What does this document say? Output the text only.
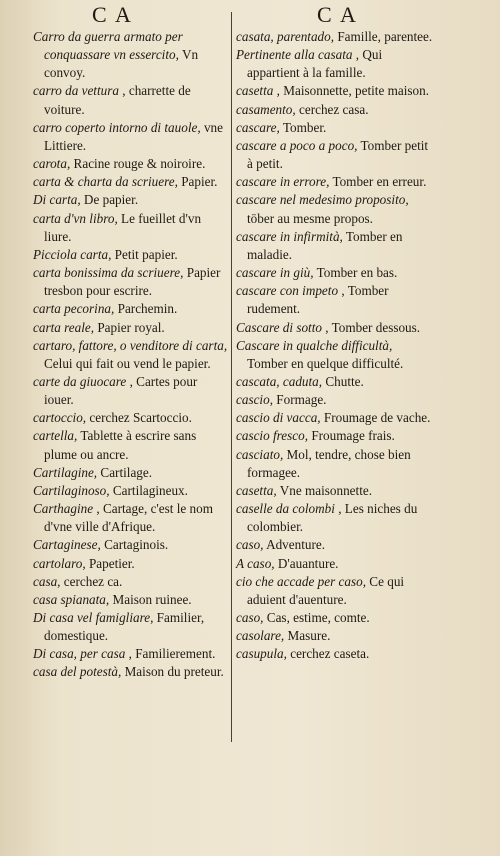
C A	C A

Carro da guerra armato per conquassare vn essercito, Vn convoy.

carro da vettura , charrette de voiture.

carro coperto intorno di tauole, vne Littiere.

carota, Racine rouge & noiroire.

carta & charta da scriuere, Papier.

Di carta, De papier.

carta d'vn libro, Le fueillet d'vn liure.

Picciola carta, Petit papier.

carta bonissima da scriuere, Papier tresbon pour escrire.

carta pecorina, Parchemin.

carta reale, Papier royal.

cartaro, fattore, o venditore di carta, Celui qui fait ou vend le papier.

carte da giuocare , Cartes pour iouer.

cartoccio, cerchez Scartoccio.

cartella, Tablette à escrire sans plume ou ancre.

Cartilagine, Cartilage.

Cartilaginoso, Cartilagineux.

Carthagine , Cartage, c'est le nom d'vne ville d'Afrique.

Cartaginese, Cartaginois.

cartolaro, Papetier.

casa, cerchez ca.

casa spianata, Maison ruinee.

Di casa vel famigliare, Familier, domestique.

Di casa, per casa , Familierement.

casa del potestà, Maison du preteur.

casata, parentado, Famille, parentee.

Pertinente alla casata , Qui appartient à la famille.

casetta , Maisonnette, petite maison.

casamento, cerchez casa.

cascare, Tomber.

cascare a poco a poco, Tomber petit à petit.

cascare in errore, Tomber en erreur.

cascare nel medesimo proposito, tōber au mesme propos.

cascare in infirmità, Tomber en maladie.

cascare in giù, Tomber en bas.

cascare con impeto , Tomber rudement.

Cascare di sotto , Tomber dessous.

Cascare in qualche difficultà, Tomber en quelque difficulté.

cascata, caduta, Chutte.

cascio, Formage.

cascio di vacca, Froumage de vache.

cascio fresco, Froumage frais.

casciato, Mol, tendre, chose bien formagee.

casetta, Vne maisonnette.

caselle da colombi , Les niches du colombier.

caso, Adventure.

A caso, D'auanture.

cio che accade per caso, Ce qui aduient d'auenture.

caso, Cas, estime, comte.

casolare, Masure.

casupula, cerchez caseta.
